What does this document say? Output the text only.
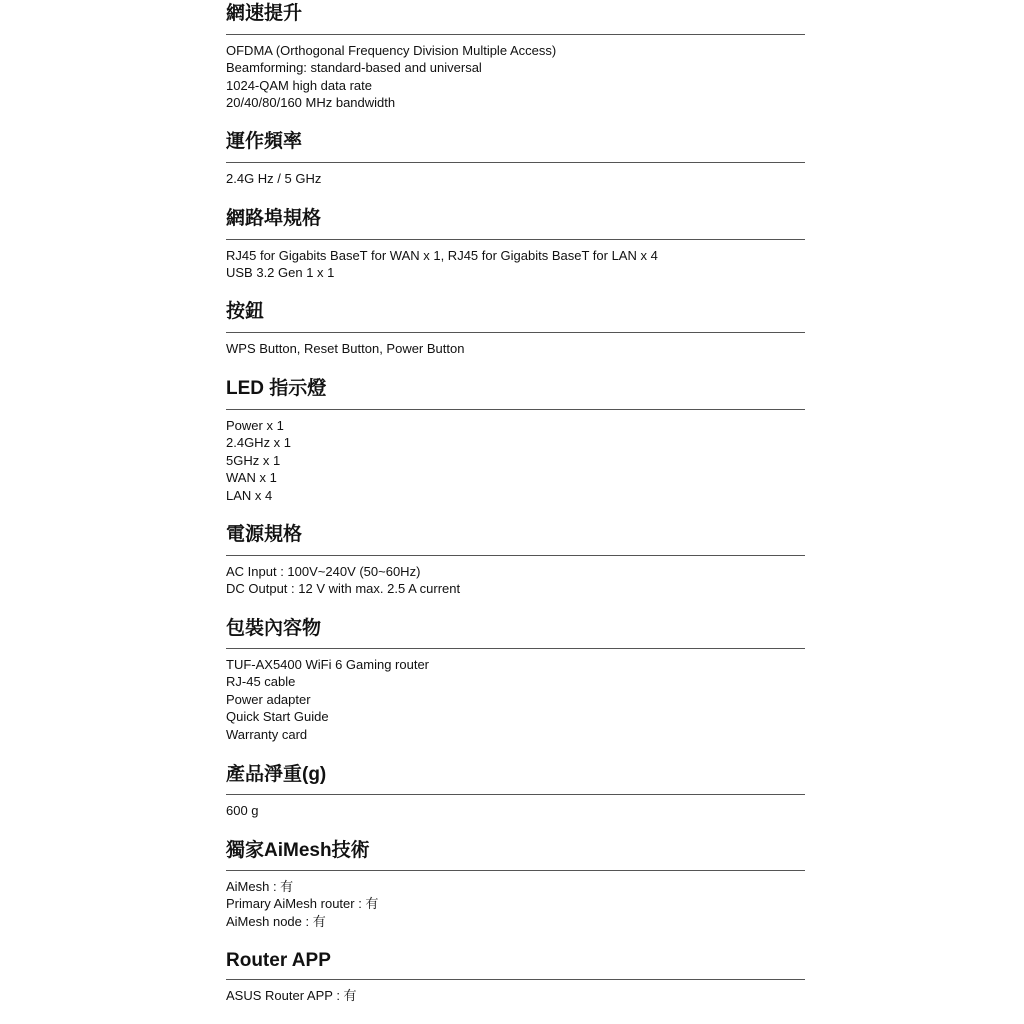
網速提升
OFDMA (Orthogonal Frequency Division Multiple Access)
Beamforming: standard-based and universal
1024-QAM high data rate
20/40/80/160 MHz bandwidth
運作頻率
2.4G Hz / 5 GHz
網路埠規格
RJ45 for Gigabits BaseT for WAN x 1, RJ45 for Gigabits BaseT for LAN x 4
USB 3.2 Gen 1 x 1
按鈕
WPS Button, Reset Button, Power Button
LED 指示燈
Power x 1
2.4GHz x 1
5GHz x 1
WAN x 1
LAN x 4
電源規格
AC Input : 100V~240V (50~60Hz)
DC Output : 12 V with max. 2.5 A current
包裝內容物
TUF-AX5400 WiFi 6 Gaming router
RJ-45 cable
Power adapter
Quick Start Guide
Warranty card
產品淨重(g)
600 g
獨家AiMesh技術
AiMesh : 有
Primary AiMesh router : 有
AiMesh node : 有
Router APP
ASUS Router APP : 有
